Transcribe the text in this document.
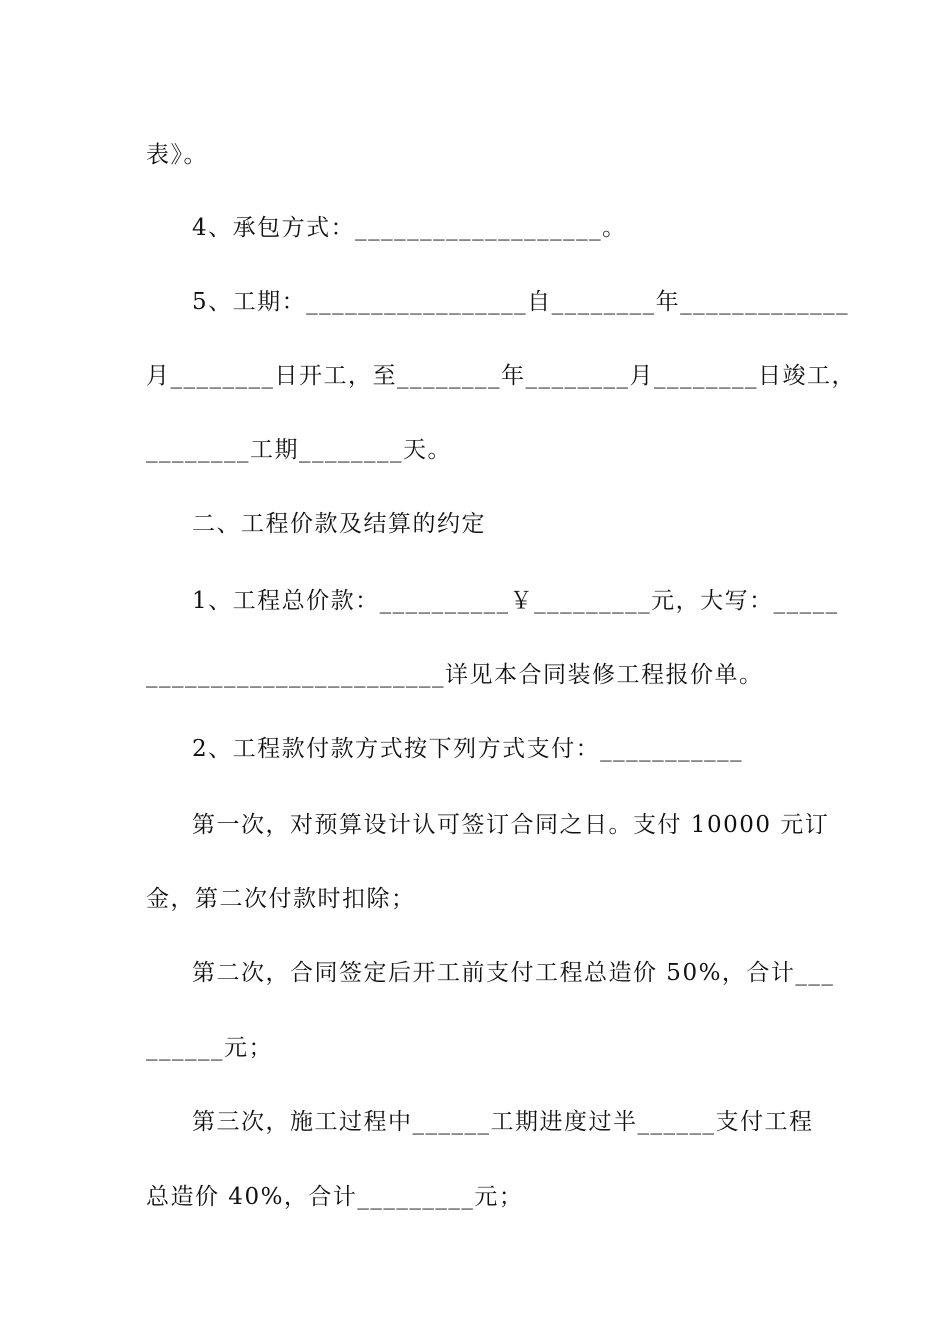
表》。
4、承包方式：___________________。
5、工期：_________________自________年_____________
月________日开工，至________年________月________日竣工，
________工期________天。
二、工程价款及结算的约定
1、工程总价款：__________￥_________元，大写：_____
_______________________详见本合同装修工程报价单。
2、工程款付款方式按下列方式支付：___________
第一次，对预算设计认可签订合同之日。支付 10000 元订
金，第二次付款时扣除；
第二次，合同签定后开工前支付工程总造价 50%，合计___
______元；
第三次，施工过程中______工期进度过半______支付工程
总造价 40%，合计_________元；
